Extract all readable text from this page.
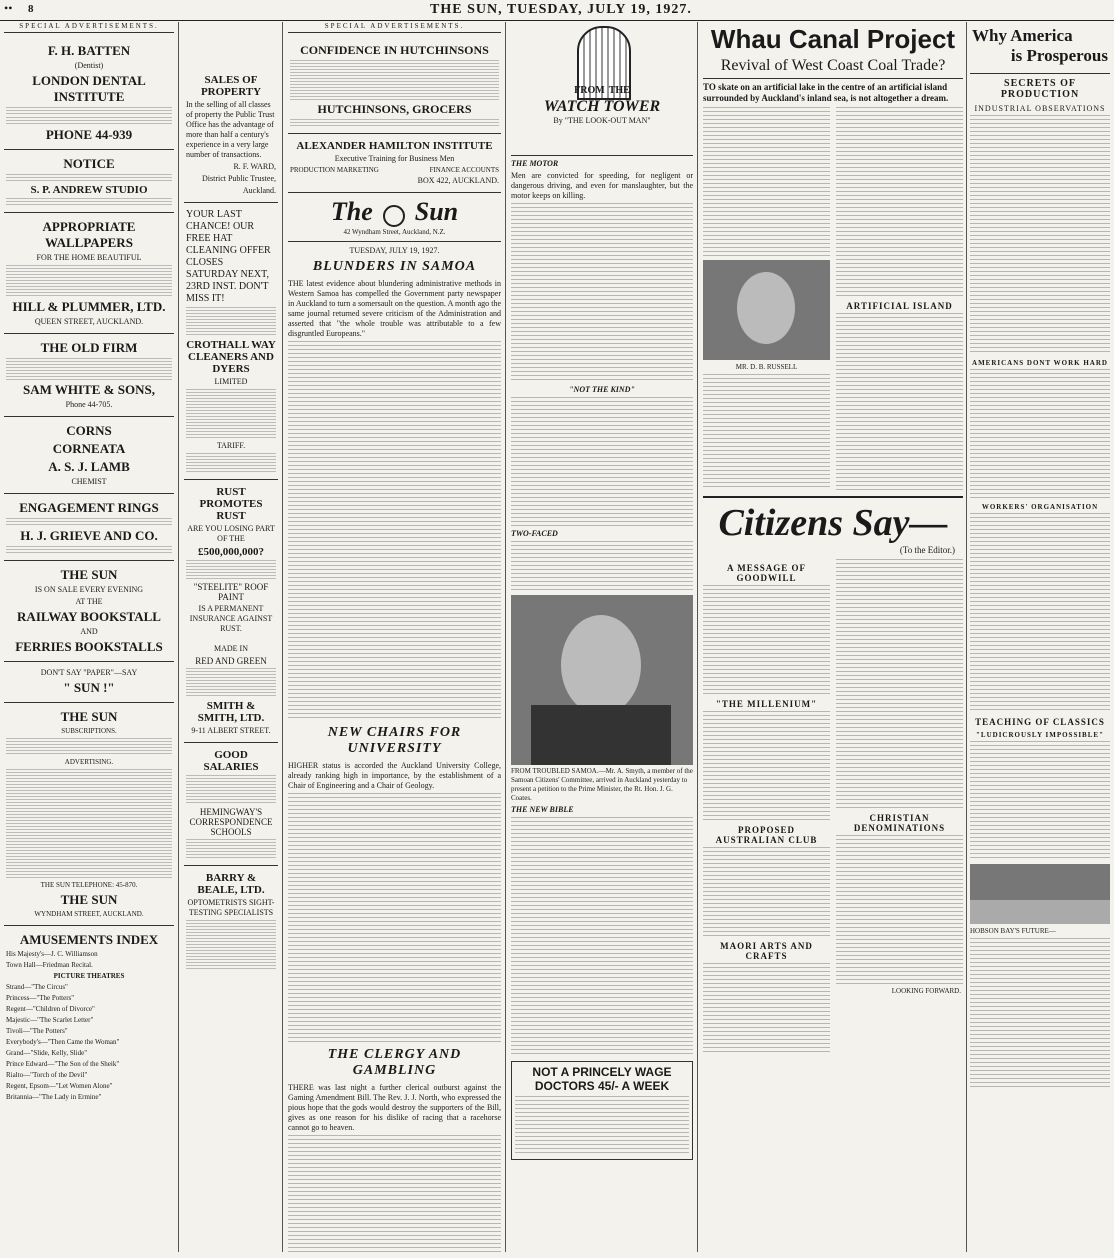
•• 8	THE SUN, TUESDAY, JULY 19, 1927.
SPECIAL ADVERTISEMENTS.
F. H. BATTEN

(Dentist)

LONDON DENTAL INSTITUTE
PHONE 44-939
NOTICE
S. P. ANDREW STUDIO
APPROPRIATE WALLPAPERS

FOR THE HOME BEAUTIFUL

HILL & PLUMMER, LTD.

QUEEN STREET, AUCKLAND.

THE OLD FIRM
SAM WHITE & SONS,

Phone 44-705.

CORNS
CORNEATA
A. S. J. LAMB

CHEMIST

ENGAGEMENT RINGS
H. J. GRIEVE AND CO.
THE SUN

IS ON SALE EVERY EVENING

AT THE

RAILWAY BOOKSTALL

AND

FERRIES BOOKSTALLS

DON'T SAY "PAPER"—SAY

" SUN !"
THE SUN

SUBSCRIPTIONS.

ADVERTISING.

THE SUN TELEPHONE: 45-870.

THE SUN

WYNDHAM STREET, AUCKLAND.

AMUSEMENTS INDEX

His Majesty's—J. C. Williamson

Town Hall—Friedman Recital.

PICTURE THEATRES

Strand—"The Circus"

Princess—"The Potters"

Regent—"Children of Divorce"

Majestic—"The Scarlet Letter"

Tivoli—"The Potters"

Everybody's—"Then Came the Woman"

Grand—"Slide, Kelly, Slide"

Prince Edward—"The Son of the Sheik"

Rialto—"Torch of the Devil"

Regent, Epsom—"Let Women Alone"

Britannia—"The Lady in Ermine"

SALES OF PROPERTY

In the selling of all classes of property the Public Trust Office has the advantage of more than half a century's experience in a very large number of transactions.

R. F. WARD,

District Public Trustee,

Auckland.

YOUR LAST CHANCE! OUR FREE HAT CLEANING OFFER CLOSES SATURDAY NEXT, 23RD INST. DON'T MISS IT!

CROTHALL WAY CLEANERS AND DYERS

LIMITED

TARIFF.

RUST PROMOTES RUST

ARE YOU LOSING PART OF THE

£500,000,000?

"STEELITE" ROOF PAINT

IS A PERMANENT INSURANCE AGAINST RUST.

MADE IN

RED AND GREEN

SMITH & SMITH, LTD.

9-11 ALBERT STREET.

GOOD SALARIES

HEMINGWAY'S CORRESPONDENCE SCHOOLS

BARRY & BEALE, LTD.

OPTOMETRISTS SIGHT-TESTING SPECIALISTS

SPECIAL ADVERTISEMENTS.
CONFIDENCE IN HUTCHINSONS
HUTCHINSONS, GROCERS
ALEXANDER HAMILTON INSTITUTE

Executive Training for Business Men

PRODUCTION MARKETING	FINANCE ACCOUNTS

BOX 422, AUCKLAND.

The Sun

42 Wyndham Street, Auckland, N.Z.

TUESDAY, JULY 19, 1927.

BLUNDERS IN SAMOA

THE latest evidence about blundering administrative methods in Western Samoa has compelled the Government party newspaper in Auckland to turn a somersault on the question. A month ago the same journal returned severe criticism of the Administration and asserted that "the whole trouble was attributable to a few disgruntled Europeans."

NEW CHAIRS FOR UNIVERSITY

HIGHER status is accorded the Auckland University College, already ranking high in importance, by the establishment of a Chair of Engineering and a Chair of Geology.

THE CLERGY AND GAMBLING

THERE was last night a further clerical outburst against the Gaming Amendment Bill. The Rev. J. J. North, who expressed the pious hope that the gods would destroy the supporters of the Bill, gives as one reason for his dislike of racing that a racehorse cannot go to heaven.

FROM THE
WATCH TOWER
By "THE LOOK-OUT MAN"

THE MOTOR

Men are convicted for speeding, for negligent or dangerous driving, and even for manslaughter, but the motor keeps on killing.

"NOT THE KIND"

TWO-FACED

FROM TROUBLED SAMOA.—Mr. A. Smyth, a member of the Samoan Citizens' Committee, arrived in Auckland yesterday to present a petition to the Prime Minister, the Rt. Hon. J. G. Coates.

THE NEW BIBLE

NOT A PRINCELY WAGE
DOCTORS 45/- A WEEK
Whau Canal Project
Revival of West Coast Coal Trade?

TO skate on an artificial lake in the centre of an artificial island surrounded by Auckland's inland sea, is not altogether a dream.

MR. D. B. RUSSELL

ARTIFICIAL ISLAND

Citizens Say—

(To the Editor.)

A MESSAGE OF GOODWILL

"THE MILLENIUM"

PROPOSED AUSTRALIAN CLUB

MAORI ARTS AND CRAFTS

CHRISTIAN DENOMINATIONS

LOOKING FORWARD.

Why America
is Prosperous

SECRETS OF PRODUCTION

INDUSTRIAL OBSERVATIONS

AMERICANS DONT WORK HARD

WORKERS' ORGANISATION

TEACHING OF CLASSICS

"LUDICROUSLY IMPOSSIBLE"

HOBSON BAY'S FUTURE—
